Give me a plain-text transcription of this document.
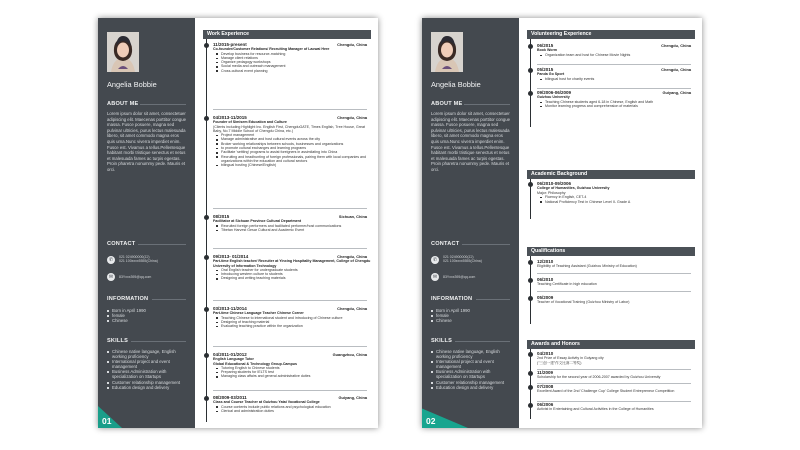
Angelia Bobbie
ABOUT ME
Lorem ipsum dolor sit amet, consectetuer adipiscing elit. Maecenas porttitor congue massa. Fusce posuere, magna sed pulvinar ultricies, purus lectus malesuada libero, sit amet commodo magna eros quis urna.Nunc viverra imperdiet enim. Fusce est. Vivamus a tellus.Pellentesque habitant morbi tristique senectus et netus et malesuada fames ac turpis egestas. Proin pharetra nonummy pede. Mauris et orci.
CONTACT
✆	021 024900000(ZJ)
021 100xxxx5555(China)
✉	83Yxxx395@qq.com
INFORMATION
Born in April 1990
female
Chinese
SKILLS
Chinese native language, English working proficiency
International project and event management
Business Administration with specialization on Startups
Customer relationship management
Education design and delivery
01
Work Experience
11/2015-present	Chengdu, China
Co-founder/Customer Relations/ Recruiting Manager of Laowai Here
Develop business for resource-matching
Manage client relations
Organize pedagogy workshops
Social media and outreach management
Cross-cultural event planning
04/2013-11/2015	Chengdu, China
Founder of Simisem Education and Culture
(Clients including Highlight Inc. English First, ChengduGATE, Times English, Tree House, Great Baby, No.7 Middle School of Chengdu China, etc.)
Project management
Manage administrative and host cultural events across the city
Broker working relationships between schools, businesses and organizations
to promote cultural exchanges and learning programs
Facilitate 'settling' programs to assist foreigners in assimilating into China
Recruiting and headhunting of foreign professionals, pairing them with local companies and organizations within the education and cultural sectors
bilingual hosting (Chinese/English)
08/2015	Sichuan, China
Facilitator at Sichuan Province Cultural Department
Recruited foreign performers and facilitated performer/host communications
Tibetan Harvest Gesar Cultural and Academic Event
09/2013- 01/2014	Chengdu, China
Part-time English teacher/ Recruiter at Yinxing Hospitality Management, College of Chengdu University of Information Technology
Oral English teacher for undergraduate students
Introducing western culture to students
Designing and writing teaching materials
03/2013-11/2014	Chengdu, China
Part-time Chinese Language Teacher Chinese Corner
Teaching Chinese to international student and introducing of Chinese culture
Designing of teaching material
Evaluating teaching practice within the organization
04/2011-01/2012	Guangzhou, China
English Language Tutor
Global Educational & Technology Group.Campus
Tutoring English to Chinese students
Preparing students for IELTS test
Managing class affairs and general administrative duties
08/2009-03/2011	Guiyang, China
Class and Course Teacher at Guizhou Yatai Vocational College
Course contents include public relations and psychological education
Clerical and administration duties
Angelia Bobbie
ABOUT ME
Lorem ipsum dolor sit amet, consectetuer adipiscing elit. Maecenas porttitor congue massa. Fusce posuere, magna sed pulvinar ultricies, purus lectus malesuada libero, sit amet commodo magna eros quis urna.Nunc viverra imperdiet enim. Fusce est. Vivamus a tellus.Pellentesque habitant morbi tristique senectus et netus et malesuada fames ac turpis egestas. Proin pharetra nonummy pede. Mauris et orci.
CONTACT
✆	021 024900000(ZJ)
021 100xxxx5555(China)
✉	83Yxxx395@qq.com
INFORMATION
Born in April 1990
female
Chinese
SKILLS
Chinese native language, English working proficiency
International project and event management
Business Administration with specialization on Startups
Customer relationship management
Education design and delivery
02
Volunteering Experience
06/2015	Chengdu, China
Book Worm
Organization team and host for Chinese Movie Nights
05/2015	Chengdu, China
Panda Go Sport
bilingual host for charity events
09/2006-06/2009	Guiyang, China
Guizhou University
Teaching Chinese students aged 6-18 in Chinese, English and Math
Monitor learning progress and comprehension of materials
Academic Background
06/2010-09/2006
College of Humanities, Guizhou University
Major: Philosophy
Fluency in English, CET-4
National Proficiency Test in Chinese Level II- Grade A
Qualifications
12/2010
Eligibility of Teaching Assistant (Guizhou Ministry of Education)
06/2010
Teaching Certificate in high education
05/2009
Teacher of Vocational Training (Guizhou Ministry of Labor)
Awards and Honors
04/2010
2nd Prize of Essay Activity in Guiyang city
("三创一建"作文比赛二等奖)
11/2009
Scholarship for the second year of 2006-2007 awarded by Guizhou University
07/2008
Excellent Award of the 2nd 'Challenge Cup' College Student Entrepreneur Competition
06/2006
Activist in Entertaining and Cultural Activities in the College of Humanities
